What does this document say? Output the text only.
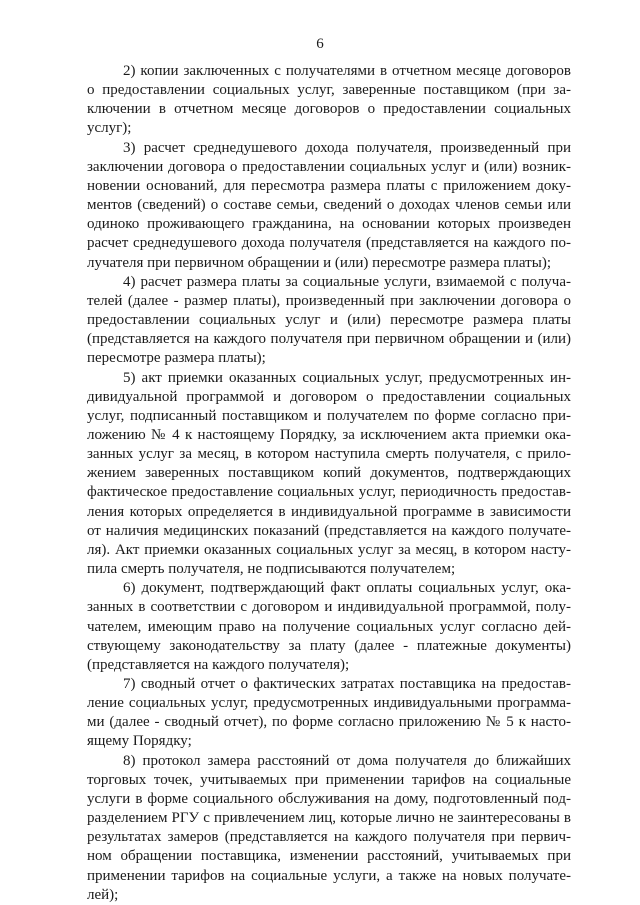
6
2) копии заключенных с получателями в отчетном месяце договоров
о предоставлении социальных услуг, заверенные поставщиком (при за-
ключении в отчетном месяце договоров о предоставлении социальных
услуг);
3) расчет среднедушевого дохода получателя, произведенный при
заключении договора о предоставлении социальных услуг и (или) возник-
новении оснований, для пересмотра размера платы с приложением доку-
ментов (сведений) о составе семьи, сведений о доходах членов семьи или
одиноко проживающего гражданина, на основании которых произведен
расчет среднедушевого дохода получателя (представляется на каждого по-
лучателя при первичном обращении и (или) пересмотре размера платы);
4) расчет размера платы за социальные услуги, взимаемой с получа-
телей (далее - размер платы), произведенный при заключении договора о
предоставлении социальных услуг и (или) пересмотре размера платы
(представляется на каждого получателя при первичном обращении и (или)
пересмотре размера платы);
5) акт приемки оказанных социальных услуг, предусмотренных ин-
дивидуальной программой и договором о предоставлении социальных
услуг, подписанный поставщиком и получателем по форме согласно при-
ложению № 4 к настоящему Порядку, за исключением акта приемки ока-
занных услуг за месяц, в котором наступила смерть получателя, с прило-
жением заверенных поставщиком копий документов, подтверждающих
фактическое предоставление социальных услуг, периодичность предостав-
ления которых определяется в индивидуальной программе в зависимости
от наличия медицинских показаний (представляется на каждого получате-
ля). Акт приемки оказанных социальных услуг за месяц, в котором насту-
пила смерть получателя, не подписываются получателем;
6) документ, подтверждающий факт оплаты социальных услуг, ока-
занных в соответствии с договором и индивидуальной программой, полу-
чателем, имеющим право на получение социальных услуг согласно дей-
ствующему законодательству за плату (далее - платежные документы)
(представляется на каждого получателя);
7) сводный отчет о фактических затратах поставщика на предостав-
ление социальных услуг, предусмотренных индивидуальными программа-
ми (далее - сводный отчет), по форме согласно приложению № 5 к насто-
ящему Порядку;
8) протокол замера расстояний от дома получателя до ближайших
торговых точек, учитываемых при применении тарифов на социальные
услуги в форме социального обслуживания на дому, подготовленный под-
разделением РГУ с привлечением лиц, которые лично не заинтересованы в
результатах замеров (представляется на каждого получателя при первич-
ном обращении поставщика, изменении расстояний, учитываемых при
применении тарифов на социальные услуги, а также на новых получате-
лей);
